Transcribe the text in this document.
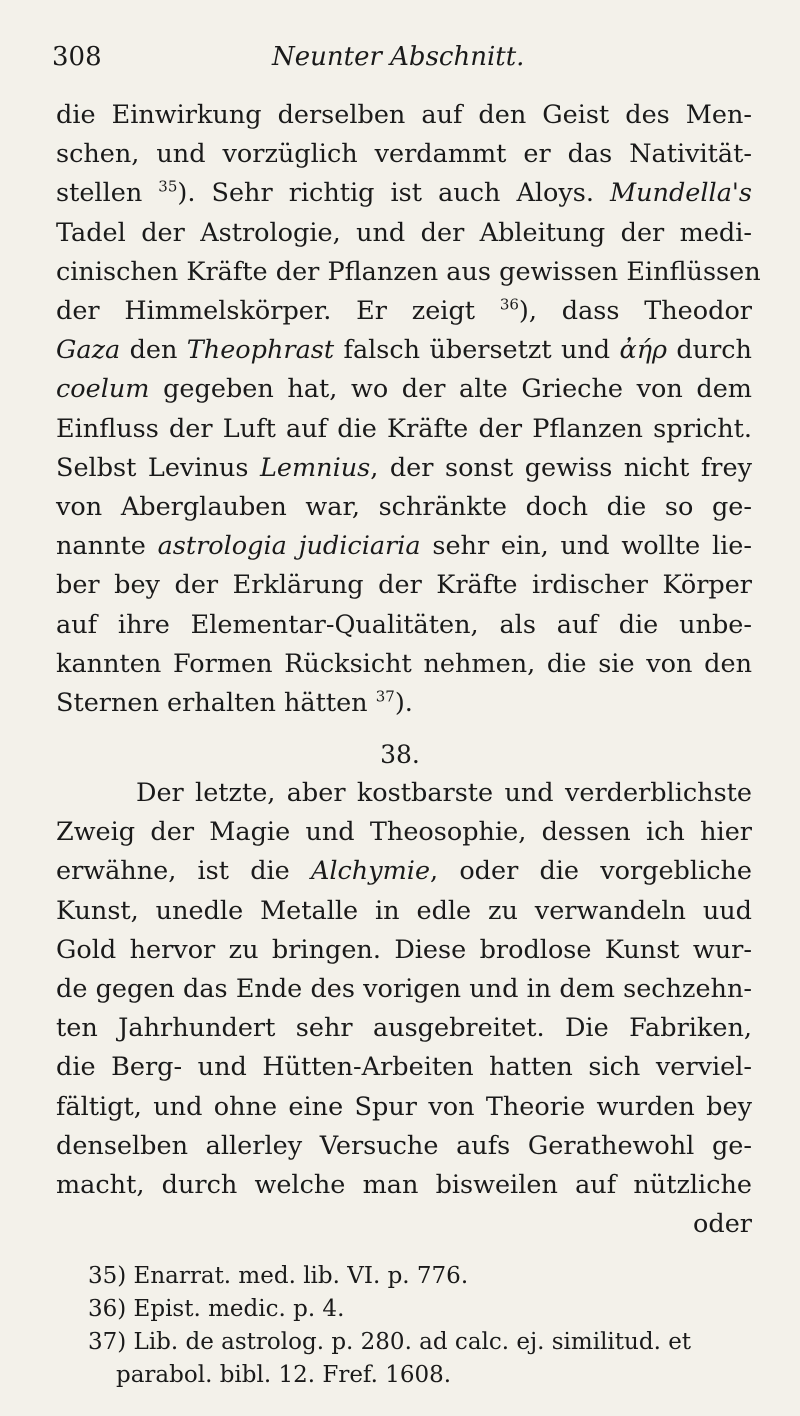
308	Neunter Abschnitt.
die Einwirkung derselben auf den Geist des Men-
schen, und vorzüglich verdammt er das Nativität-
stellen $^{35}$). Sehr richtig ist auch Aloys. Mundella's
Tadel der Astrologie, und der Ableitung der medi-
cinischen Kräfte der Pflanzen aus gewissen Einflüssen
der Himmelskörper. Er zeigt $^{36}$), dass Theodor
Gaza den Theophrast falsch übersetzt und ἀήρ durch
coelum gegeben hat, wo der alte Grieche von dem
Einfluss der Luft auf die Kräfte der Pflanzen spricht.
Selbst Levinus Lemnius, der sonst gewiss nicht frey
von Aberglauben war, schränkte doch die so ge-
nannte astrologia judiciaria sehr ein, und wollte lie-
ber bey der Erklärung der Kräfte irdischer Körper
auf ihre Elementar-Qualitäten, als auf die unbe-
kannten Formen Rücksicht nehmen, die sie von den
Sternen erhalten hätten $^{37}$).
38.
Der letzte, aber kostbarste und verderblichste
Zweig der Magie und Theosophie, dessen ich hier
erwähne, ist die Alchymie, oder die vorgebliche
Kunst, unedle Metalle in edle zu verwandeln uud
Gold hervor zu bringen. Diese brodlose Kunst wur-
de gegen das Ende des vorigen und in dem sechzehn-
ten Jahrhundert sehr ausgebreitet. Die Fabriken,
die Berg- und Hütten-Arbeiten hatten sich verviel-
fältigt, und ohne eine Spur von Theorie wurden bey
denselben allerley Versuche aufs Gerathewohl ge-
macht, durch welche man bisweilen auf nützliche
oder
35) Enarrat. med. lib. VI. p. 776.
36) Epist. medic. p. 4.
37) Lib. de astrolog. p. 280. ad calc. ej. similitud. et
parabol. bibl. 12. Fref. 1608.
